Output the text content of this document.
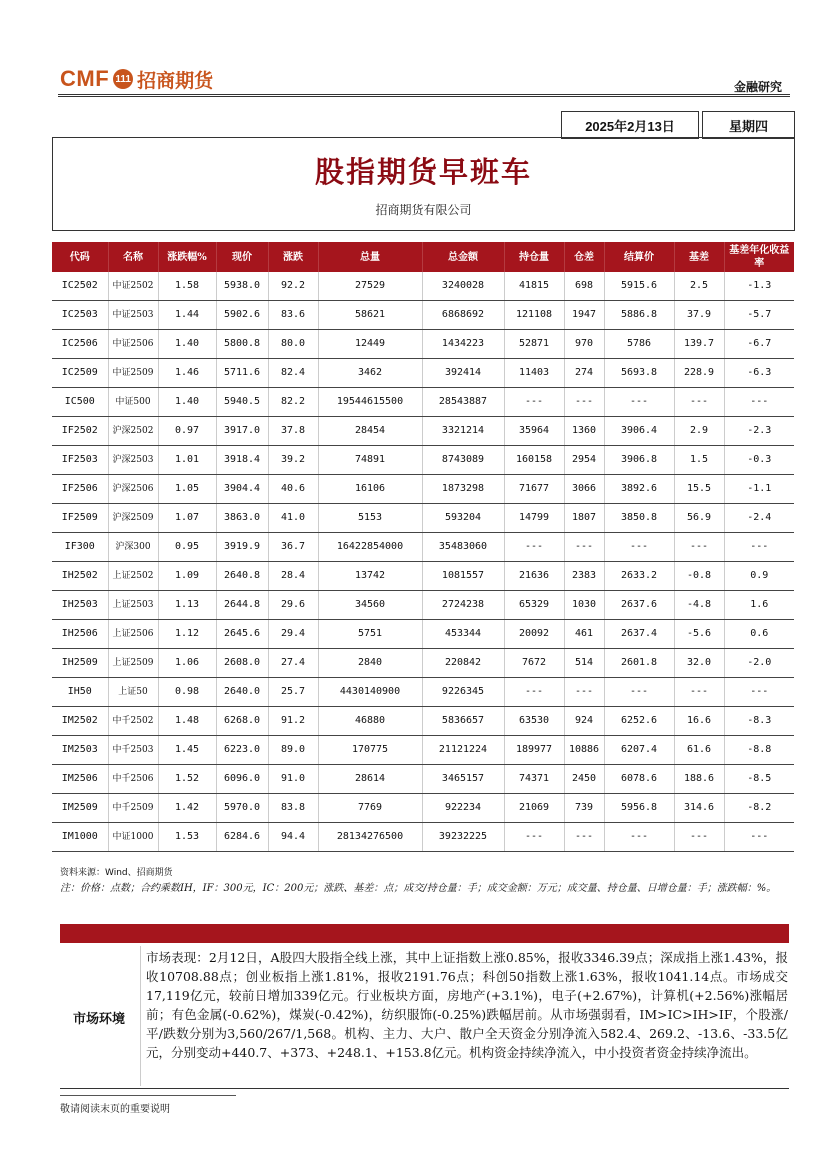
CMF 111 招商期货	金融研究
2025年2月13日	星期四
股指期货早班车
招商期货有限公司
代码	名称	涨跌幅%	现价	涨跌	总量	总金额	持仓量	仓差	结算价	基差	基差年化收益率
IC2502	中证2502	1.58	5938.0	92.2	27529	3240028	41815	698	5915.6	2.5	-1.3
IC2503	中证2503	1.44	5902.6	83.6	58621	6868692	121108	1947	5886.8	37.9	-5.7
IC2506	中证2506	1.40	5800.8	80.0	12449	1434223	52871	970	5786	139.7	-6.7
IC2509	中证2509	1.46	5711.6	82.4	3462	392414	11403	274	5693.8	228.9	-6.3
IC500	中证500	1.40	5940.5	82.2	19544615500	28543887	---	---	---	---	---
IF2502	沪深2502	0.97	3917.0	37.8	28454	3321214	35964	1360	3906.4	2.9	-2.3
IF2503	沪深2503	1.01	3918.4	39.2	74891	8743089	160158	2954	3906.8	1.5	-0.3
IF2506	沪深2506	1.05	3904.4	40.6	16106	1873298	71677	3066	3892.6	15.5	-1.1
IF2509	沪深2509	1.07	3863.0	41.0	5153	593204	14799	1807	3850.8	56.9	-2.4
IF300	沪深300	0.95	3919.9	36.7	16422854000	35483060	---	---	---	---	---
IH2502	上证2502	1.09	2640.8	28.4	13742	1081557	21636	2383	2633.2	-0.8	0.9
IH2503	上证2503	1.13	2644.8	29.6	34560	2724238	65329	1030	2637.6	-4.8	1.6
IH2506	上证2506	1.12	2645.6	29.4	5751	453344	20092	461	2637.4	-5.6	0.6
IH2509	上证2509	1.06	2608.0	27.4	2840	220842	7672	514	2601.8	32.0	-2.0
IH50	上证50	0.98	2640.0	25.7	4430140900	9226345	---	---	---	---	---
IM2502	中千2502	1.48	6268.0	91.2	46880	5836657	63530	924	6252.6	16.6	-8.3
IM2503	中千2503	1.45	6223.0	89.0	170775	21121224	189977	10886	6207.4	61.6	-8.8
IM2506	中千2506	1.52	6096.0	91.0	28614	3465157	74371	2450	6078.6	188.6	-8.5
IM2509	中千2509	1.42	5970.0	83.8	7769	922234	21069	739	5956.8	314.6	-8.2
IM1000	中证1000	1.53	6284.6	94.4	28134276500	39232225	---	---	---	---	---
资料来源：Wind、招商期货
注：价格：点数；合约乘数IH，IF：300元，IC：200元；涨跌、基差：点；成交/持仓量：手；成交金额：万元；成交量、持仓量、日增仓量：手；涨跌幅：%。
市场环境
市场表现：2月12日，A股四大股指全线上涨，其中上证指数上涨0.85%，报收3346.39点；深成指上涨1.43%，报收10708.88点；创业板指上涨1.81%，报收2191.76点；科创50指数上涨1.63%，报收1041.14点。市场成交17,119亿元，较前日增加339亿元。行业板块方面，房地产(+3.1%)，电子(+2.67%)，计算机(+2.56%)涨幅居前；有色金属(-0.62%)，煤炭(-0.42%)，纺织服饰(-0.25%)跌幅居前。从市场强弱看，IM>IC>IH>IF，个股涨/平/跌数分别为3,560/267/1,568。机构、主力、大户、散户全天资金分别净流入582.4、269.2、-13.6、-33.5亿元，分别变动+440.7、+373、+248.1、+153.8亿元。机构资金持续净流入，中小投资者资金持续净流出。
敬请阅读末页的重要说明
